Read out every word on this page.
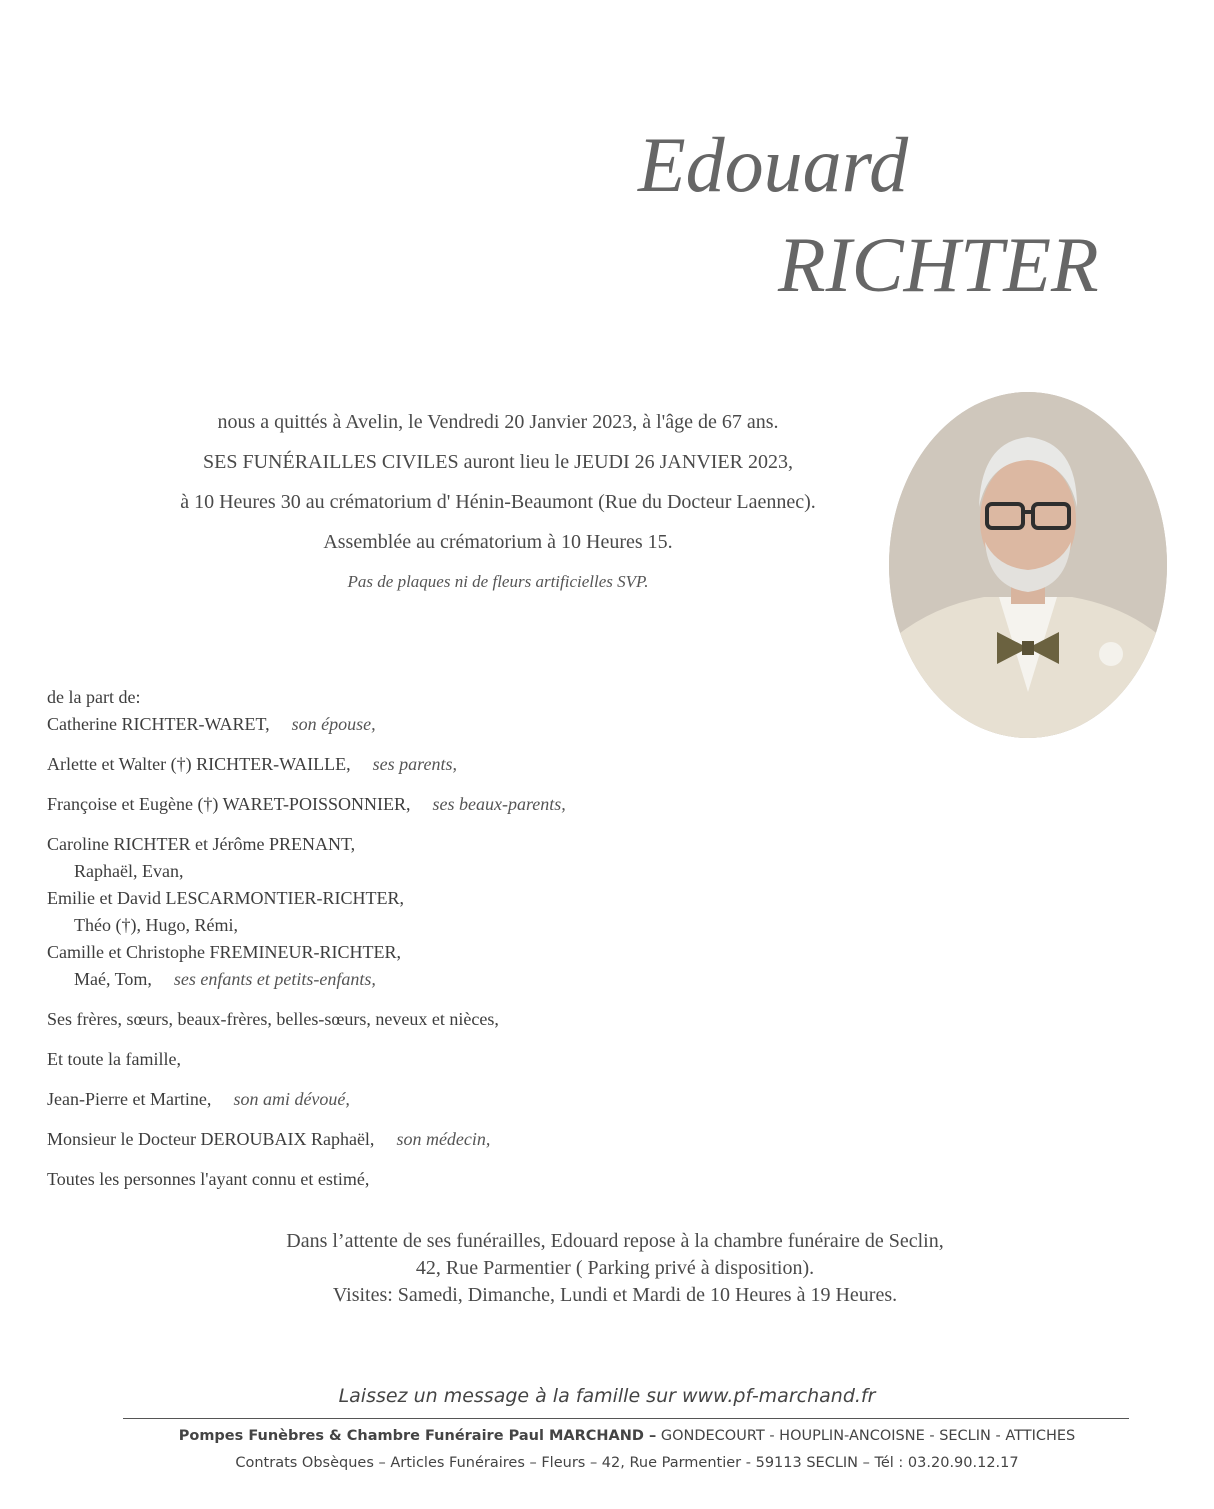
Edouard
RICHTER
nous a quittés à Avelin, le Vendredi 20 Janvier 2023, à l'âge de 67 ans.
SES FUNÉRAILLES CIVILES auront lieu le JEUDI 26 JANVIER 2023,
à 10 Heures 30 au crématorium d' Hénin-Beaumont (Rue du Docteur Laennec).
Assemblée au crématorium à 10 Heures 15.
Pas de plaques ni de fleurs artificielles SVP.
de la part de:
Catherine RICHTER-WARET, son épouse,
Arlette et Walter (†) RICHTER-WAILLE, ses parents,
Françoise et Eugène (†) WARET-POISSONNIER, ses beaux-parents,
Caroline RICHTER et Jérôme PRENANT,
Raphaël, Evan,
Emilie et David LESCARMONTIER-RICHTER,
Théo (†), Hugo, Rémi,
Camille et Christophe FREMINEUR-RICHTER,
Maé, Tom, ses enfants et petits-enfants,
Ses frères, sœurs, beaux-frères, belles-sœurs, neveux et nièces,
Et toute la famille,
Jean-Pierre et Martine, son ami dévoué,
Monsieur le Docteur DEROUBAIX Raphaël, son médecin,
Toutes les personnes l'ayant connu et estimé,
Dans l’attente de ses funérailles, Edouard repose à la chambre funéraire de Seclin,
42, Rue Parmentier ( Parking privé à disposition).
Visites: Samedi, Dimanche, Lundi et Mardi de 10 Heures à 19 Heures.
Laissez un message à la famille sur www.pf-marchand.fr
Pompes Funèbres & Chambre Funéraire Paul MARCHAND – GONDECOURT - HOUPLIN-ANCOISNE - SECLIN - ATTICHES
Contrats Obsèques – Articles Funéraires – Fleurs – 42, Rue Parmentier - 59113 SECLIN – Tél : 03.20.90.12.17
